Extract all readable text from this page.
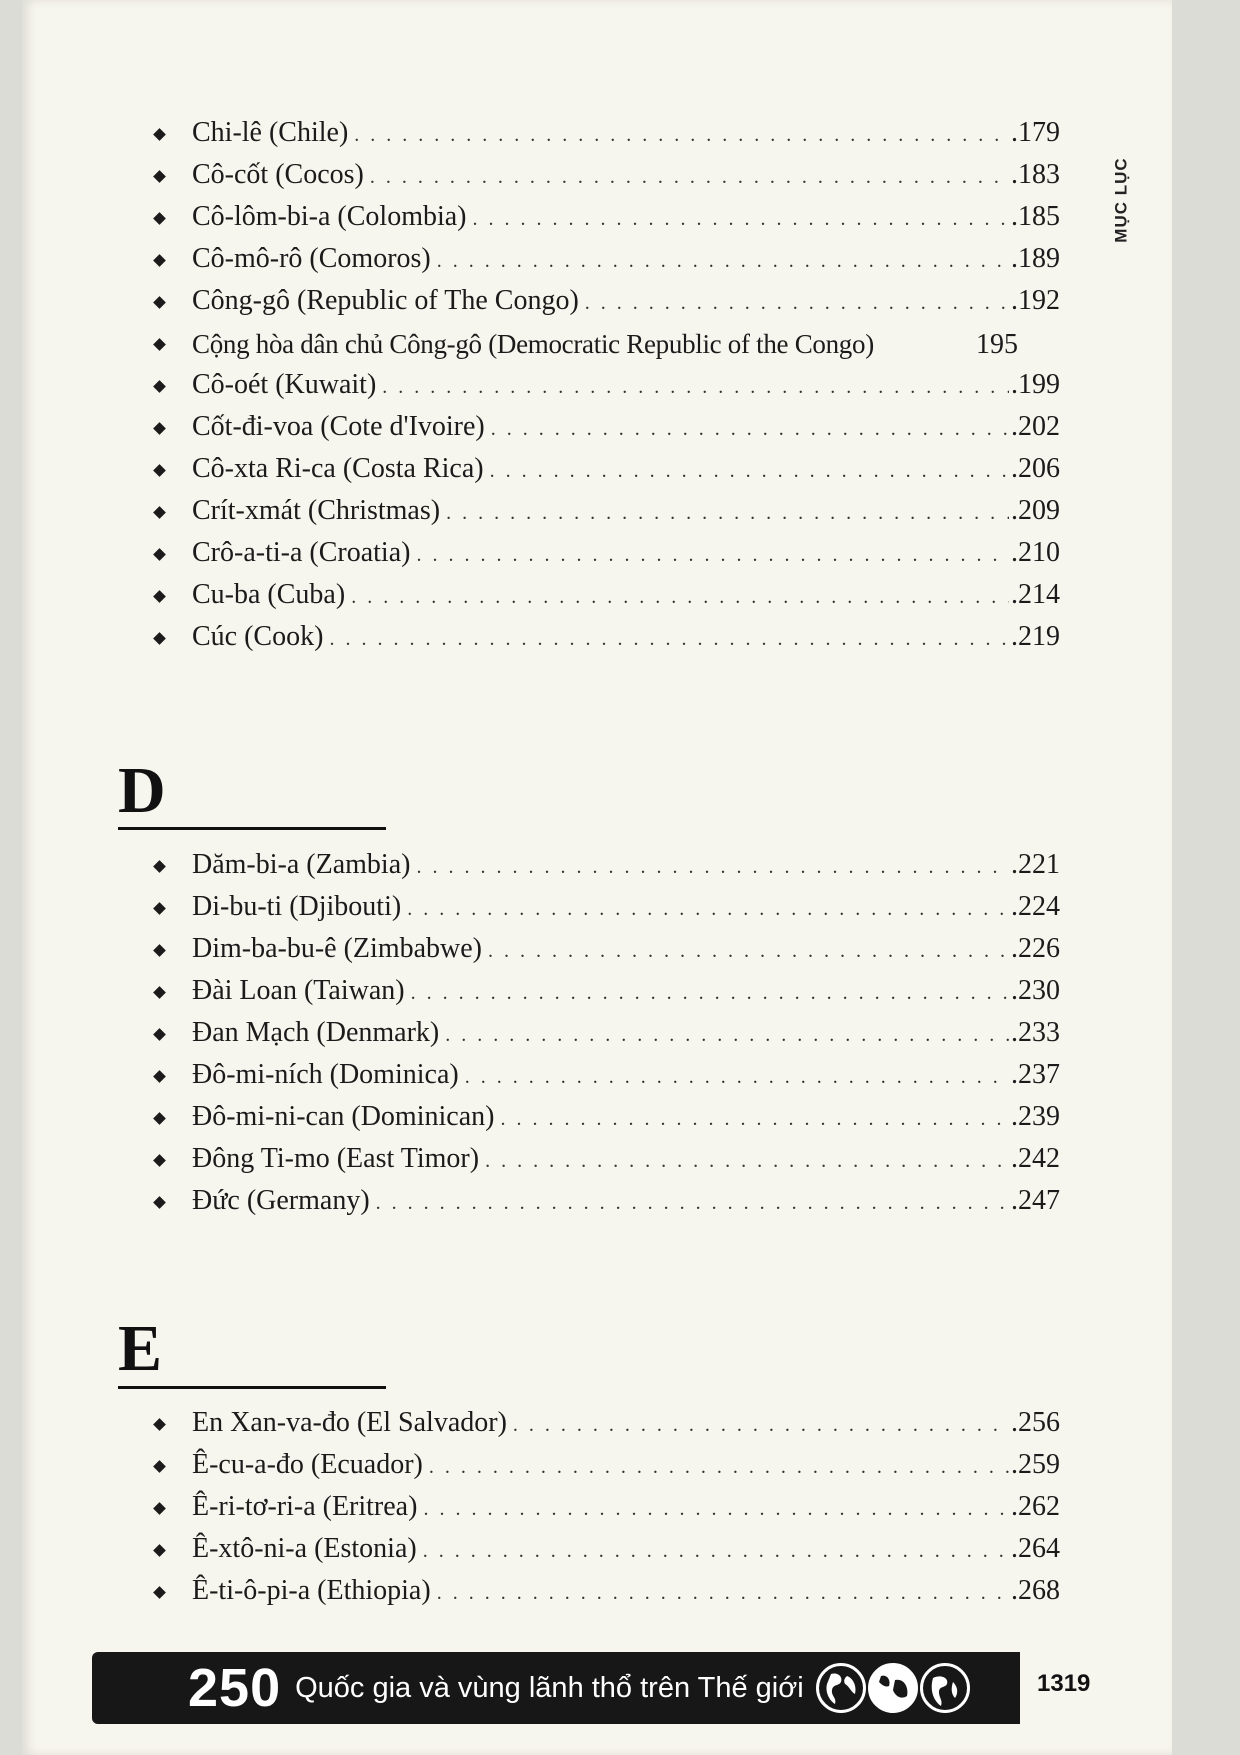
MỤC LỤC
Chi-lê (Chile) . . .	.179
Cô-cốt (Cocos) . . .	.183
Cô-lôm-bi-a (Colombia) . . .	.185
Cô-mô-rô (Comoros) . . .	.189
Công-gô (Republic of The Congo) . . .	.192
Cộng hòa dân chủ Công-gô (Democratic Republic of the Congo)	195
Cô-oét (Kuwait) . . .	.199
Cốt-đi-voa (Cote d'Ivoire) . . .	.202
Cô-xta Ri-ca (Costa Rica) . . .	.206
Crít-xmát (Christmas) . . .	.209
Crô-a-ti-a (Croatia) . . .	.210
Cu-ba (Cuba) . . .	.214
Cúc (Cook) . . .	.219
D
Dăm-bi-a (Zambia) . . .	.221
Di-bu-ti (Djibouti) . . .	.224
Dim-ba-bu-ê (Zimbabwe) . . .	.226
Đài Loan (Taiwan) . . .	.230
Đan Mạch (Denmark) . . .	.233
Đô-mi-ních (Dominica) . . .	.237
Đô-mi-ni-can (Dominican) . . .	.239
Đông Ti-mo (East Timor) . . .	.242
Đức (Germany) . . .	.247
E
En Xan-va-đo (El Salvador) . . .	.256
Ê-cu-a-đo (Ecuador) . . .	.259
Ê-ri-tơ-ri-a (Eritrea) . . .	.262
Ê-xtô-ni-a (Estonia) . . .	.264
Ê-ti-ô-pi-a (Ethiopia) . . .	.268
250 Quốc gia và vùng lãnh thổ trên Thế giới	1319
